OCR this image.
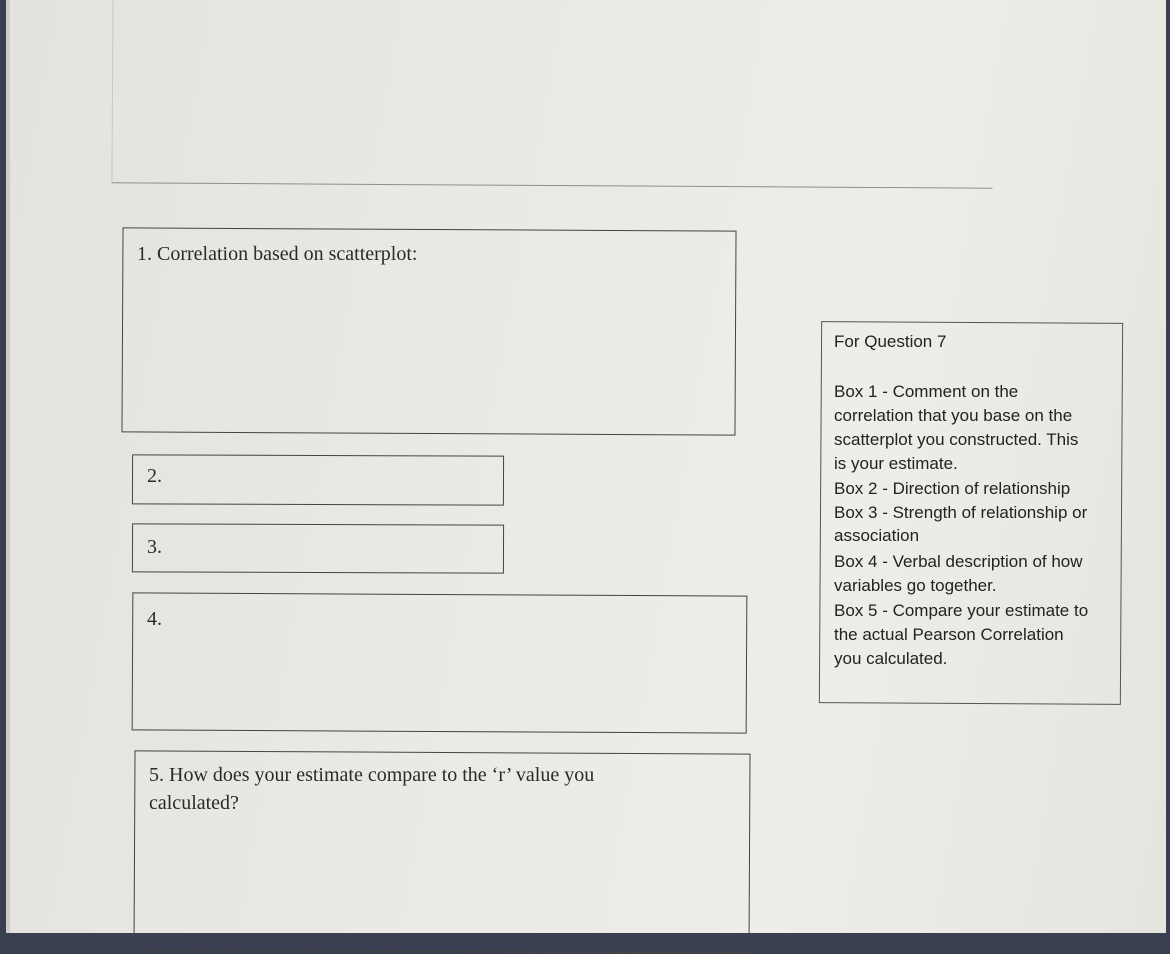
1. Correlation based on scatterplot:
2.
3.
4.
5. How does your estimate compare to the ‘r’ value you
calculated?
For Question 7
Box 1 - Comment on the
correlation that you base on the
scatterplot you constructed. This
is your estimate.
Box 2 - Direction of relationship
Box 3 - Strength of relationship or
association
Box 4 - Verbal description of how
variables go together.
Box 5 - Compare your estimate to
the actual Pearson Correlation
you calculated.
